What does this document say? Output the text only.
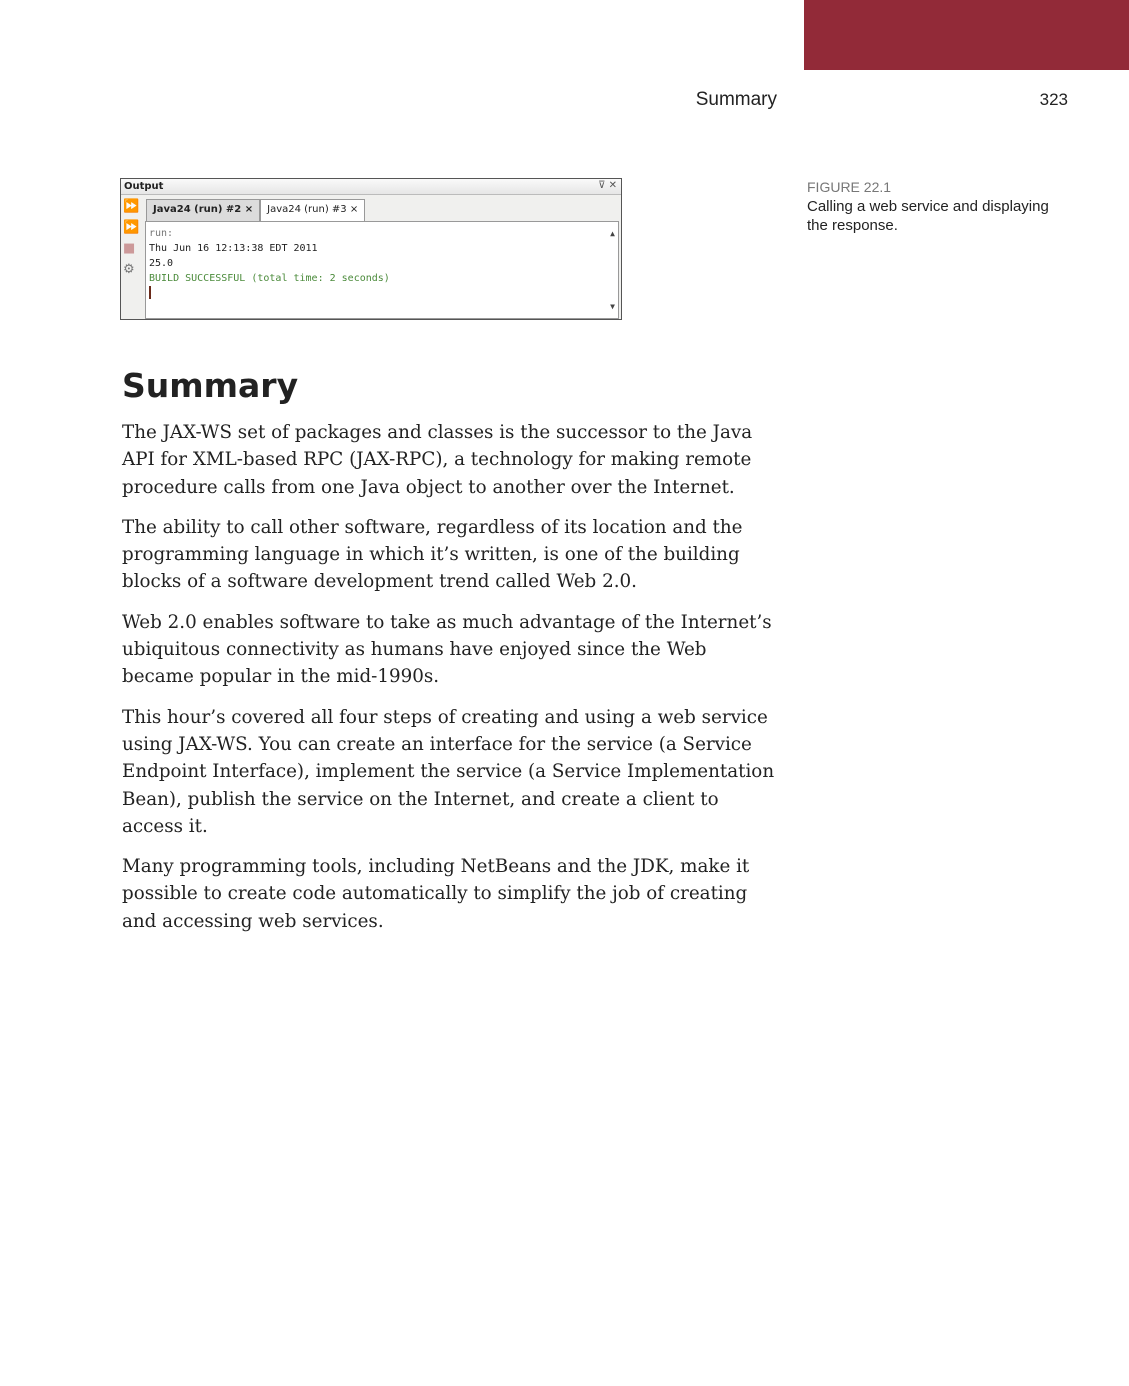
Summary	323
Output	⊽ ✕
⏩
⏩
■
⚙
Java24 (run) #2 ×	Java24 (run) #3 ×
run:
Thu Jun 16 12:13:38 EDT 2011
25.0
BUILD SUCCESSFUL (total time: 2 seconds)
▲
▼
FIGURE 22.1
Calling a web service and displaying the response.
Summary

The JAX-WS set of packages and classes is the successor to the Java API for XML-based RPC (JAX-RPC), a technology for making remote procedure calls from one Java object to another over the Internet.

The ability to call other software, regardless of its location and the programming language in which it’s written, is one of the building blocks of a software development trend called Web 2.0.

Web 2.0 enables software to take as much advantage of the Internet’s ubiquitous connectivity as humans have enjoyed since the Web became popular in the mid-1990s.

This hour’s covered all four steps of creating and using a web service using JAX-WS. You can create an interface for the service (a Service Endpoint Interface), implement the service (a Service Implementation Bean), publish the service on the Internet, and create a client to access it.

Many programming tools, including NetBeans and the JDK, make it possible to create code automatically to simplify the job of creating and accessing web services.
